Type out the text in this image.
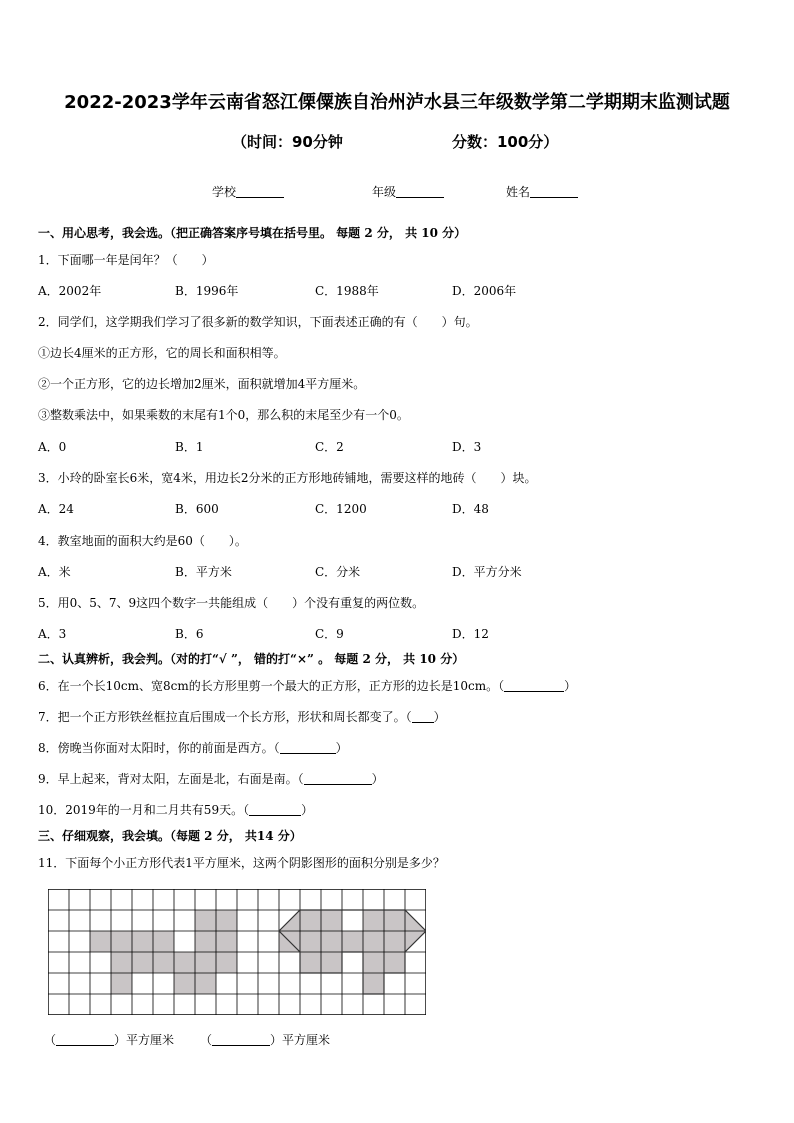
2022-2023学年云南省怒江傈僳族自治州泸水县三年级数学第二学期期末监测试题
（时间：90分钟	分数：100分）
学校	年级	姓名
一、用心思考，我会选。（把正确答案序号填在括号里。 每题 2 分， 共 10 分）
1．下面哪一年是闰年？（　　）
A．2002年	B．1996年	C．1988年	D．2006年
2．同学们，这学期我们学习了很多新的数学知识，下面表述正确的有（　　）句。
①边长4厘米的正方形，它的周长和面积相等。
②一个正方形，它的边长增加2厘米，面积就增加4平方厘米。
③整数乘法中，如果乘数的末尾有1个0，那么积的末尾至少有一个0。
A．0	B．1	C．2	D．3
3．小玲的卧室长6米，宽4米，用边长2分米的正方形地砖铺地，需要这样的地砖（　　）块。
A．24	B．600	C．1200	D．48
4．教室地面的面积大约是60（　　）。
A．米	B．平方米	C．分米	D．平方分米
5．用0、5、7、9这四个数字一共能组成（　　）个没有重复的两位数。
A．3	B．6	C．9	D．12
二、认真辨析，我会判。（对的打“√ ”， 错的打“×” 。 每题 2 分， 共 10 分）
6．在一个长10cm、宽8cm的长方形里剪一个最大的正方形，正方形的边长是10cm。（	）
7．把一个正方形铁丝框拉直后围成一个长方形，形状和周长都变了。（ ）
8．傍晚当你面对太阳时，你的前面是西方。（	）
9．早上起来，背对太阳，左面是北，右面是南。（	）
10．2019年的一月和二月共有59天。（	）
三、仔细观察，我会填。（每题 2 分， 共14 分）
11．下面每个小正方形代表1平方厘米，这两个阴影图形的面积分别是多少？
（	）平方厘米 （	）平方厘米
